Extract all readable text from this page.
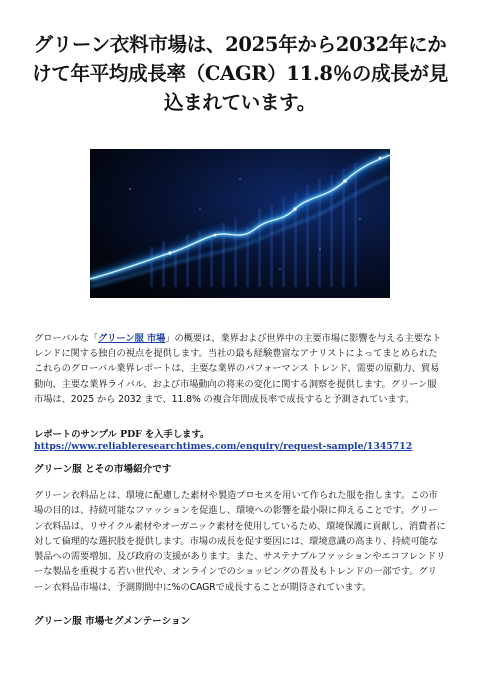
グリーン衣料市場は、2025年から2032年にかけて年平均成長率（CAGR）11.8％の成長が見込まれています。

グローバルな「グリーン服 市場」の概要は、業界および世界中の主要市場に影響を与える主要なトレンドに関する独自の視点を提供します。当社の最も経験豊富なアナリストによってまとめられたこれらのグローバル業界レポートは、主要な業界のパフォーマンス トレンド、需要の原動力、貿易動向、主要な業界ライバル、および市場動向の将来の変化に関する洞察を提供します。グリーン服 市場は、2025 から 2032 まで、11.8% の複合年間成長率で成長すると予測されています。

レポートのサンプル PDF を入手します。 https://www.reliableresearchtimes.com/enquiry/request-sample/1345712

グリーン服 とその市場紹介です

グリーン衣料品とは、環境に配慮した素材や製造プロセスを用いて作られた服を指します。この市場の目的は、持続可能なファッションを促進し、環境への影響を最小限に抑えることです。グリーン衣料品は、リサイクル素材やオーガニック素材を使用しているため、環境保護に貢献し、消費者に対して倫理的な選択肢を提供します。市場の成長を促す要因には、環境意識の高まり、持続可能な製品への需要増加、及び政府の支援があります。また、サステナブルファッションやエコフレンドリーな製品を重視する若い世代や、オンラインでのショッピングの普及もトレンドの一部です。グリーン衣料品市場は、予測期間中に%のCAGRで成長することが期待されています。

グリーン服 市場セグメンテーション
